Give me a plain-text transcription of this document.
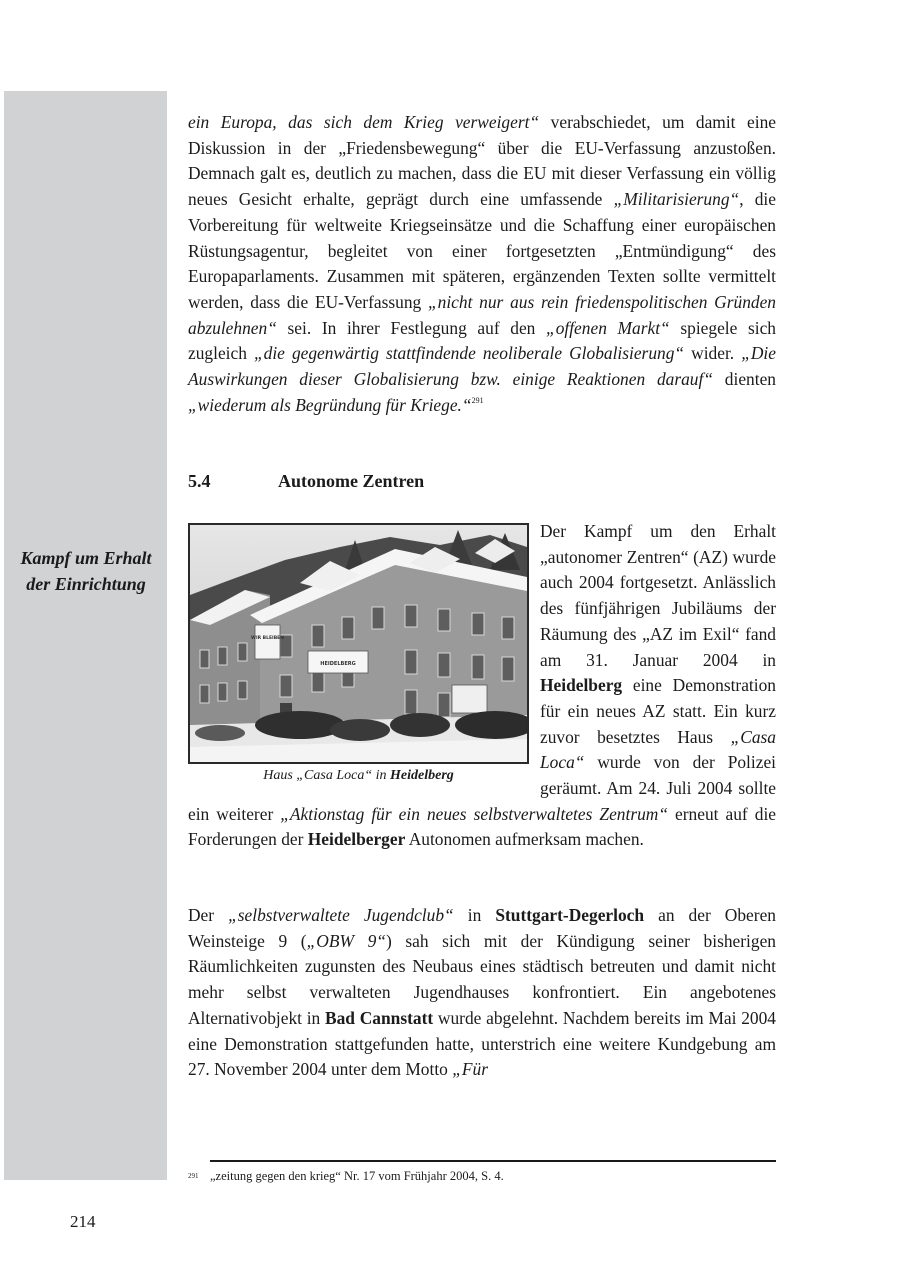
Kampf um Erhalt der Einrichtung

ein Europa, das sich dem Krieg verweigert“ verabschiedet, um damit eine Diskussion in der „Friedensbewegung“ über die EU-Verfassung anzustoßen. Demnach galt es, deutlich zu machen, dass die EU mit dieser Verfassung ein völlig neues Gesicht erhalte, geprägt durch eine umfassende „Militarisierung“, die Vorbereitung für weltweite Kriegseinsätze und die Schaffung einer europäischen Rüstungsagentur, begleitet von einer fortgesetzten „Entmündigung“ des Europaparlaments. Zusammen mit späteren, ergänzenden Texten sollte vermittelt werden, dass die EU-Verfassung „nicht nur aus rein friedenspolitischen Gründen abzulehnen“ sei. In ihrer Festlegung auf den „offenen Markt“ spiegele sich zugleich „die gegenwärtig stattfindende neoliberale Globalisierung“ wider. „Die Auswirkungen dieser Globalisierung bzw. einige Reaktionen darauf“ dienten „wiederum als Begründung für Kriege.“$^{291}$

5.4	Autonome Zentren
WIR BLEIBEN
HEIDELBERG
Haus „Casa Loca“ in Heidelberg

Der Kampf um den Erhalt „autonomer Zentren“ (AZ) wurde auch 2004 fortgesetzt. Anlässlich des fünfjährigen Jubiläums der Räumung des „AZ im Exil“ fand am 31. Januar 2004 in Heidelberg eine Demonstration für ein neues AZ statt. Ein kurz zuvor besetztes Haus „Casa Loca“ wurde von der Polizei geräumt. Am 24. Juli 2004 sollte ein weiterer „Aktionstag für ein neues selbstverwaltetes Zentrum“ erneut auf die Forderungen der Heidelberger Autonomen aufmerksam machen.

Der „selbstverwaltete Jugendclub“ in Stuttgart-Degerloch an der Oberen Weinsteige 9 („OBW 9“) sah sich mit der Kündigung seiner bisherigen Räumlichkeiten zugunsten des Neubaus eines städtisch betreuten und damit nicht mehr selbst verwalteten Jugendhauses konfrontiert. Ein angebotenes Alternativobjekt in Bad Cannstatt wurde abgelehnt. Nachdem bereits im Mai 2004 eine Demonstration stattgefunden hatte, unterstrich eine weitere Kundgebung am 27. November 2004 unter dem Motto „Für

291 „zeitung gegen den krieg“ Nr. 17 vom Frühjahr 2004, S. 4.
214
